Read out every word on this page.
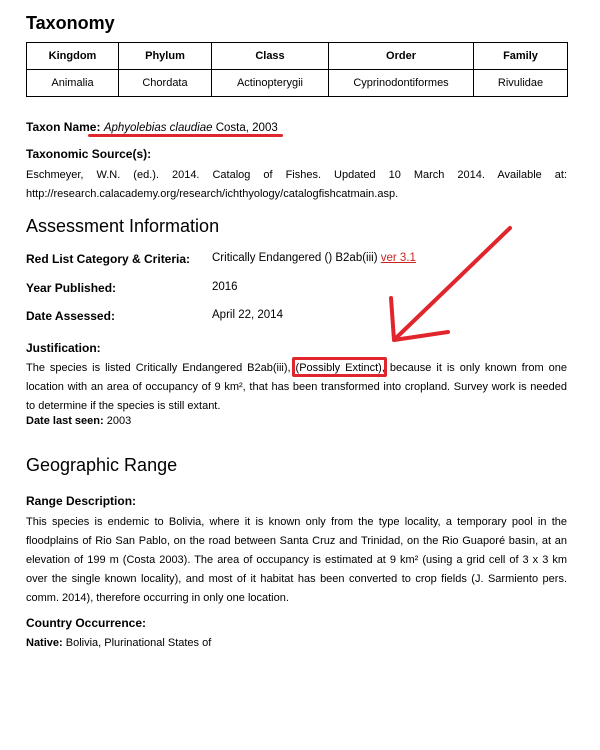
Taxonomy
Kingdom	Phylum	Class	Order	Family
Animalia	Chordata	Actinopterygii	Cyprinodontiformes	Rivulidae
Taxon Name: Aphyolebias claudiae Costa, 2003
Taxonomic Source(s):
Eschmeyer, W.N. (ed.). 2014. Catalog of Fishes. Updated 10 March 2014. Available at: http://research.calacademy.org/research/ichthyology/catalogfishcatmain.asp.
Assessment Information
Red List Category & Criteria: Critically Endangered () B2ab(iii) ver 3.1
Year Published:	2016
Date Assessed:	April 22, 2014
Justification:
The species is listed Critically Endangered B2ab(iii), (Possibly Extinct), because it is only known from one location with an area of occupancy of 9 km², that has been transformed into cropland. Survey work is needed to determine if the species is still extant.
Date last seen: 2003
Geographic Range
Range Description:
This species is endemic to Bolivia, where it is known only from the type locality, a temporary pool in the floodplains of Rio San Pablo, on the road between Santa Cruz and Trinidad, on the Rio Guaporé basin, at an elevation of 199 m (Costa 2003). The area of occupancy is estimated at 9 km² (using a grid cell of 3 x 3 km over the single known locality), and most of it habitat has been converted to crop fields (J. Sarmiento pers. comm. 2014), therefore occurring in only one location.
Country Occurrence:
Native: Bolivia, Plurinational States of
